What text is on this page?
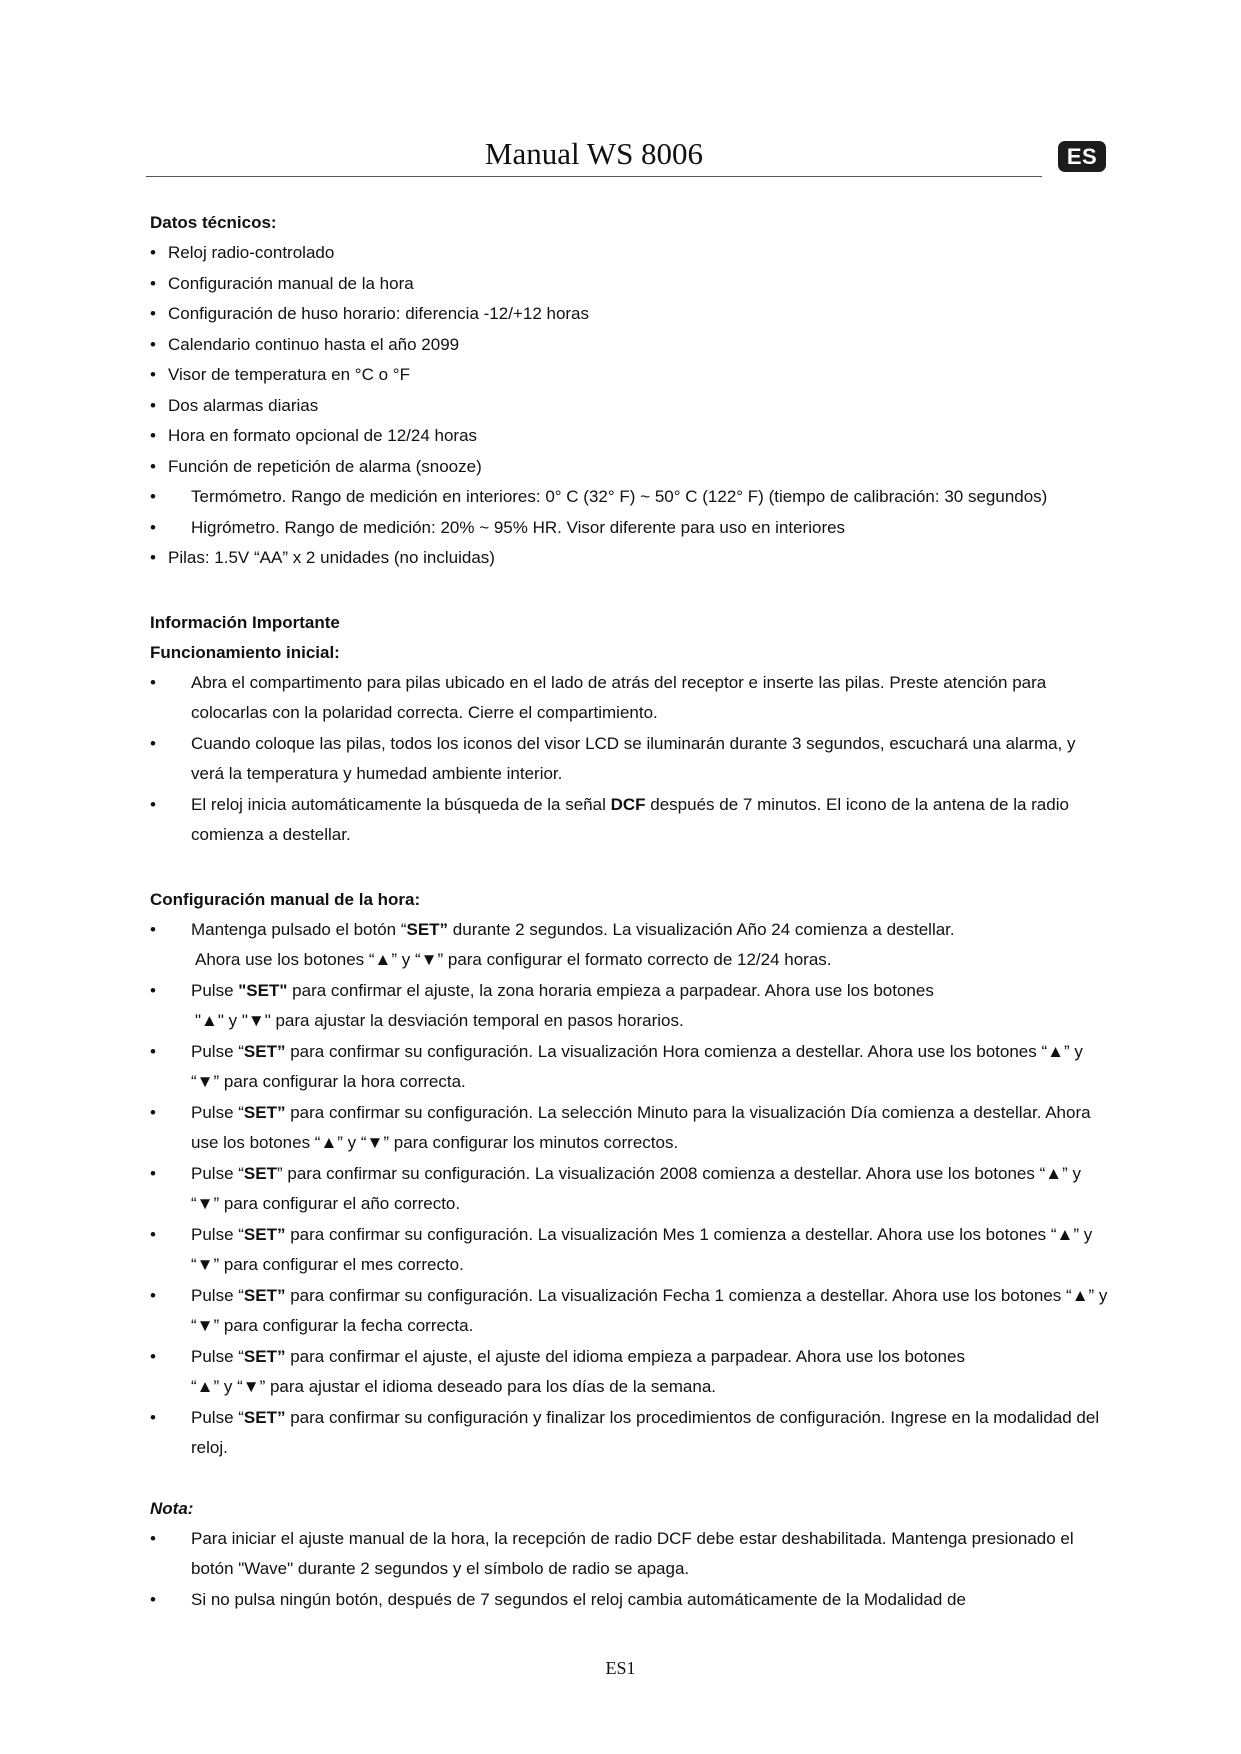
Manual WS 8006	ES

Datos técnicos:

• Reloj radio-controlado
• Configuración manual de la hora
• Configuración de huso horario: diferencia -12/+12 horas
• Calendario continuo hasta el año 2099
• Visor de temperatura en °C o °F
• Dos alarmas diarias
• Hora en formato opcional de 12/24 horas
• Función de repetición de alarma (snooze)
• Termómetro. Rango de medición en interiores: 0° C (32° F) ~ 50° C (122° F) (tiempo de calibración: 30 segundos)
• Higrómetro. Rango de medición: 20% ~ 95% HR. Visor diferente para uso en interiores
• Pilas: 1.5V “AA” x 2 unidades (no incluidas)

Información Importante

Funcionamiento inicial:

• Abra el compartimento para pilas ubicado en el lado de atrás del receptor e inserte las pilas. Preste atención para colocarlas con la polaridad correcta. Cierre el compartimiento.
• Cuando coloque las pilas, todos los iconos del visor LCD se iluminarán durante 3 segundos, escuchará una alarma, y verá la temperatura y humedad ambiente interior.
• El reloj inicia automáticamente la búsqueda de la señal DCF después de 7 minutos. El icono de la antena de la radio comienza a destellar.

Configuración manual de la hora:

• Mantenga pulsado el botón “SET” durante 2 segundos. La visualización Año 24 comienza a destellar.
Ahora use los botones “▲” y “▼” para configurar el formato correcto de 12/24 horas.
• Pulse "SET" para confirmar el ajuste, la zona horaria empieza a parpadear. Ahora use los botones
"▲" y "▼" para ajustar la desviación temporal en pasos horarios.
• Pulse “SET” para confirmar su configuración. La visualización Hora comienza a destellar. Ahora use los botones “▲” y “▼” para configurar la hora correcta.
• Pulse “SET” para confirmar su configuración. La selección Minuto para la visualización Día comienza a destellar. Ahora use los botones “▲” y “▼” para configurar los minutos correctos.
• Pulse “SET” para confirmar su configuración. La visualización 2008 comienza a destellar. Ahora use los botones “▲” y “▼” para configurar el año correcto.
• Pulse “SET” para confirmar su configuración. La visualización Mes 1 comienza a destellar. Ahora use los botones “▲” y “▼” para configurar el mes correcto.
• Pulse “SET” para confirmar su configuración. La visualización Fecha 1 comienza a destellar. Ahora use los botones “▲” y “▼” para configurar la fecha correcta.
• Pulse “SET” para confirmar el ajuste, el ajuste del idioma empieza a parpadear. Ahora use los botones
“▲” y “▼” para ajustar el idioma deseado para los días de la semana.
• Pulse “SET” para confirmar su configuración y finalizar los procedimientos de configuración. Ingrese en la modalidad del reloj.

Nota:

• Para iniciar el ajuste manual de la hora, la recepción de radio DCF debe estar deshabilitada. Mantenga presionado el botón "Wave" durante 2 segundos y el símbolo de radio se apaga.
• Si no pulsa ningún botón, después de 7 segundos el reloj cambia automáticamente de la Modalidad de
ES1
